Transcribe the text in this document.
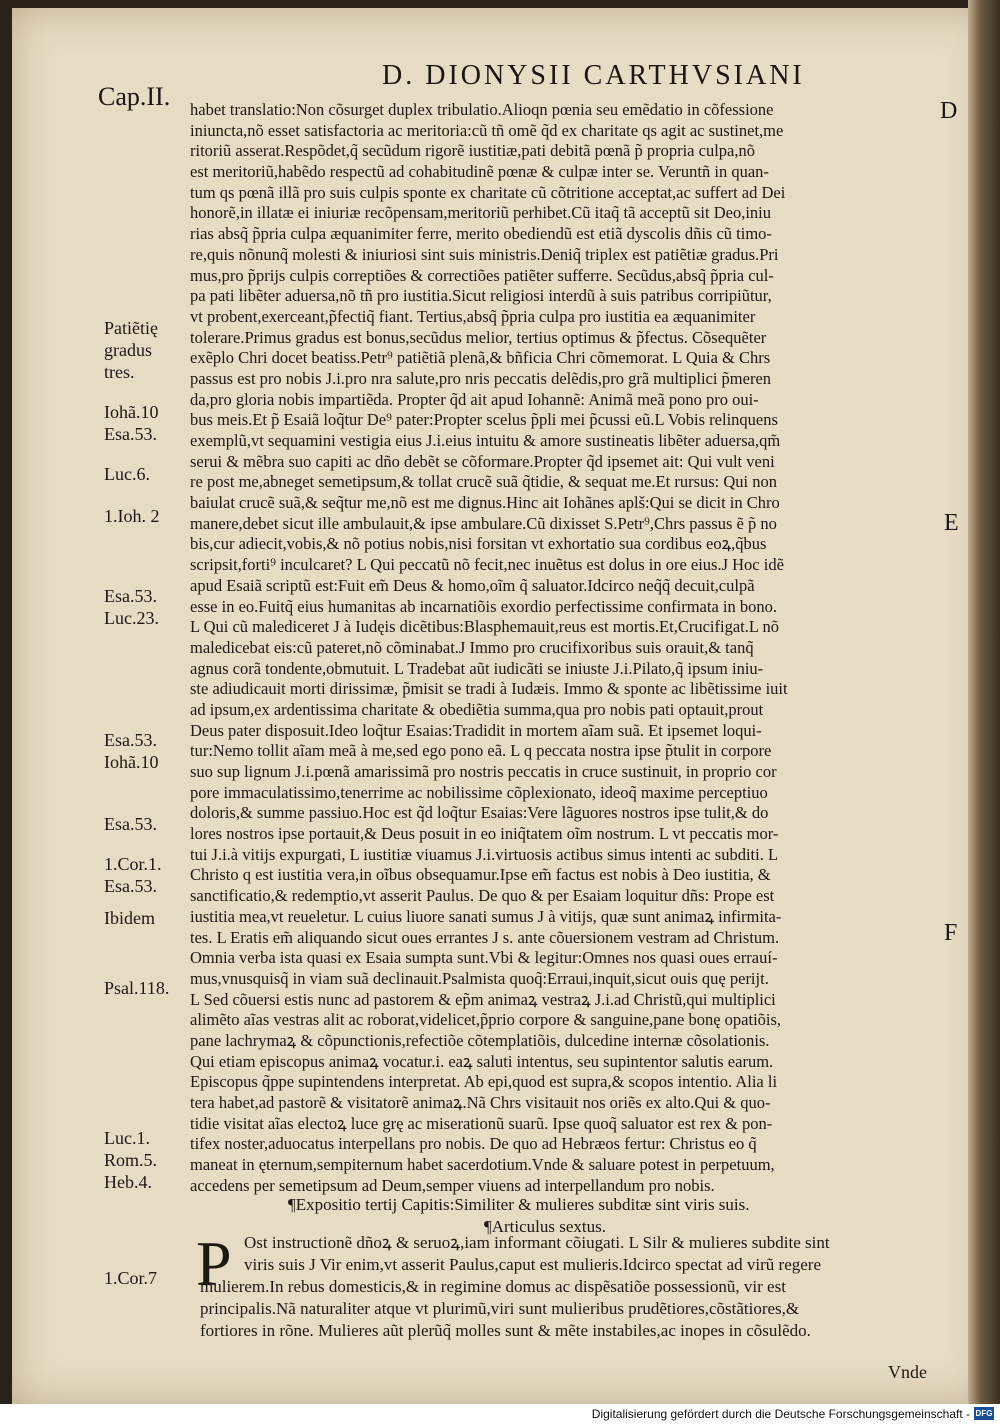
Cap.II.
D. DIONYSII CARTHVSIANI
D
E
F
habet translatio:Non cõsurget duplex tribulatio.Alioqn pœnia seu emẽdatio in cõfessione
iniuncta,nõ esset satisfactoria ac meritoria:cũ tñ omẽ q̃d ex charitate qs agit ac sustinet,me
ritoriũ asserat.Respõdet,q̃ secũdum rigorẽ iustitiæ,pati debitã pœnã p̃ propria culpa,nõ
est meritoriũ,habẽdo respectũ ad cohabitudinẽ pœnæ & culpæ inter se. Veruntñ in quan-
tum qs pœnã illã pro suis culpis sponte ex charitate cũ cõtritione acceptat,ac suffert ad Dei
honorẽ,in illatæ ei iniuriæ recõpensam,meritoriũ perhibet.Cũ itaq̃ tã acceptũ sit Deo,iniu
rias absq̃ p̃pria culpa æquanimiter ferre, merito obediendũ est etiã dyscolis dñis cũ timo-
re,quis nõnunq̃ molesti & iniuriosi sint suis ministris.Deniq̃ triplex est patiẽtiæ gradus.Pri
mus,pro p̃prijs culpis correptiões & correctiões patiẽter sufferre. Secũdus,absq̃ p̃pria cul-
pa pati libẽter aduersa,nõ tñ pro iustitia.Sicut religiosi interdũ à suis patribus corripiũtur,
vt probent,exerceant,p̃fectiq̃ fiant. Tertius,absq̃ p̃pria culpa pro iustitia ea æquanimiter
tolerare.Primus gradus est bonus,secũdus melior, tertius optimus & p̃fectus. Cõsequẽter
exẽplo Chri docet beatiss.Petr⁹ patiẽtiã plenã,& bñficia Chri cõmemorat. L Quia & Chrs
passus est pro nobis J.i.pro nra salute,pro nris peccatis delẽdis,pro grã multiplici p̃meren
da,pro gloria nobis impartiẽda. Propter q̃d ait apud Iohannẽ: Animã meã pono pro oui-
bus meis.Et p̃ Esaiã loq̃tur De⁹ pater:Propter scelus p̃pli mei p̃cussi eũ.L Vobis relinquens
exemplũ,vt sequamini vestigia eius J.i.eius intuitu & amore sustineatis libẽter aduersa,qm̃
serui & mẽbra suo capiti ac dño debẽt se cõformare.Propter q̃d ipsemet ait: Qui vult veni
re post me,abneget semetipsum,& tollat crucẽ suã q̃tidie, & sequat me.Et rursus: Qui non
baiulat crucẽ suã,& seq̃tur me,nõ est me dignus.Hinc ait Iohãnes aplš:Qui se dicit in Chro
manere,debet sicut ille ambulauit,& ipse ambulare.Cũ dixisset S.Petr⁹,Chrs passus ẽ p̃ no
bis,cur adiecit,vobis,& nõ potius nobis,nisi forsitan vt exhortatio sua cordibus eoꝝ,q̃bus
scripsit,forti⁹ inculcaret? L Qui peccatũ nõ fecit,nec inuẽtus est dolus in ore eius.J Hoc idẽ
apud Esaiã scriptũ est:Fuit em̃ Deus & homo,oĩm q̃ saluator.Idcirco neq̃q̃ decuit,culpã
esse in eo.Fuitq̃ eius humanitas ab incarnatiõis exordio perfectissime confirmata in bono.
L Qui cũ malediceret J à Iudęis dicẽtibus:Blasphemauit,reus est mortis.Et,Crucifigat.L nõ
maledicebat eis:cũ pateret,nõ cõminabat.J Immo pro crucifixoribus suis orauit,& tanq̃
agnus corã tondente,obmutuit. L Tradebat aũt iudicãti se iniuste J.i.Pilato,q̃ ipsum iniu-
ste adiudicauit morti dirissimæ, p̃misit se tradi à Iudæis. Immo & sponte ac libẽtissime iuit
ad ipsum,ex ardentissima charitate & obediẽtia summa,qua pro nobis pati optauit,prout
Deus pater disposuit.Ideo loq̃tur Esaias:Tradidit in mortem aĩam suã. Et ipsemet loqui-
tur:Nemo tollit aĩam meã à me,sed ego pono eã. L q peccata nostra ipse p̃tulit in corpore
suo sup lignum J.i.pœnã amarissimã pro nostris peccatis in cruce sustinuit, in proprio cor
pore immaculatissimo,tenerrime ac nobilissime cõplexionato, ideoq̃ maxime perceptiuo
doloris,& summe passiuo.Hoc est q̃d loq̃tur Esaias:Vere lãguores nostros ipse tulit,& do
lores nostros ipse portauit,& Deus posuit in eo iniq̃tatem oĩm nostrum. L vt peccatis mor-
tui J.i.à vitijs expurgati, L iustitiæ viuamus J.i.virtuosis actibus simus intenti ac subditi. L
Christo q est iustitia vera,in oĩbus obsequamur.Ipse em̃ factus est nobis à Deo iustitia, &
sanctificatio,& redemptio,vt asserit Paulus. De quo & per Esaiam loquitur dñs: Prope est
iustitia mea,vt reueletur. L cuius liuore sanati sumus J à vitijs, quæ sunt animaꝝ infirmita-
tes. L Eratis em̃ aliquando sicut oues errantes J s. ante cõuersionem vestram ad Christum.
Omnia verba ista quasi ex Esaia sumpta sunt.Vbi & legitur:Omnes nos quasi oues errauí-
mus,vnusquisq̃ in viam suã declinauit.Psalmista quoq̃:Erraui,inquit,sicut ouis quę perijt.
L Sed cõuersi estis nunc ad pastorem & ep̃m animaꝝ vestraꝝ J.i.ad Christũ,qui multiplici
alimẽto aĩas vestras alit ac roborat,videlicet,p̃prio corpore & sanguine,pane bonę opatiõis,
pane lachrymaꝝ & cõpunctionis,refectiõe cõtemplatiõis, dulcedine internæ cõsolationis.
Qui etiam episcopus animaꝝ vocatur.i. eaꝝ saluti intentus, seu supintentor salutis earum.
Episcopus q̃ppe supintendens interpretat. Ab epi,quod est supra,& scopos intentio. Alia li
tera habet,ad pastorẽ & visitatorẽ animaꝝ.Nã Chrs visitauit nos oriẽs ex alto.Qui & quo-
tidie visitat aĩas electoꝝ luce grę ac miserationũ suarũ. Ipse quoq̃ saluator est rex & pon-
tifex noster,aduocatus interpellans pro nobis. De quo ad Hebræos fertur: Christus eo q̃
maneat in ęternum,sempiternum habet sacerdotium.Vnde & saluare potest in perpetuum,
accedens per semetipsum ad Deum,semper viuens ad interpellandum pro nobis.
Patiẽtię
gradus
tres.
Iohã.10
Esa.53.
Luc.6.
1.Ioh. 2
Esa.53.
Luc.23.
Esa.53.
Iohã.10
Esa.53.
1.Cor.1.
Esa.53.
Ibidem
Psal.118.
Luc.1.
Rom.5.
Heb.4.
1.Cor.7
¶Expositio tertij Capitis:Similiter & mulieres subditæ sint viris suis.
¶Articulus sextus.
P Ost instructionẽ dñoꝝ & seruoꝝ,iam informant cõiugati. L Silr & mulieres subdite sint
viris suis J Vir enim,vt asserit Paulus,caput est mulieris.Idcirco spectat ad virũ regere
mulierem.In rebus domesticis,& in regimine domus ac dispẽsatiõe possessionũ, vir est
principalis.Nã naturaliter atque vt plurimũ,viri sunt mulieribus prudẽtiores,cõstãtiores,&
fortiores in rõne. Mulieres aũt plerũq̃ molles sunt & mẽte instabiles,ac inopes in cõsulẽdo.
Vnde
Digitalisierung gefördert durch die Deutsche Forschungsgemeinschaft - DFG
